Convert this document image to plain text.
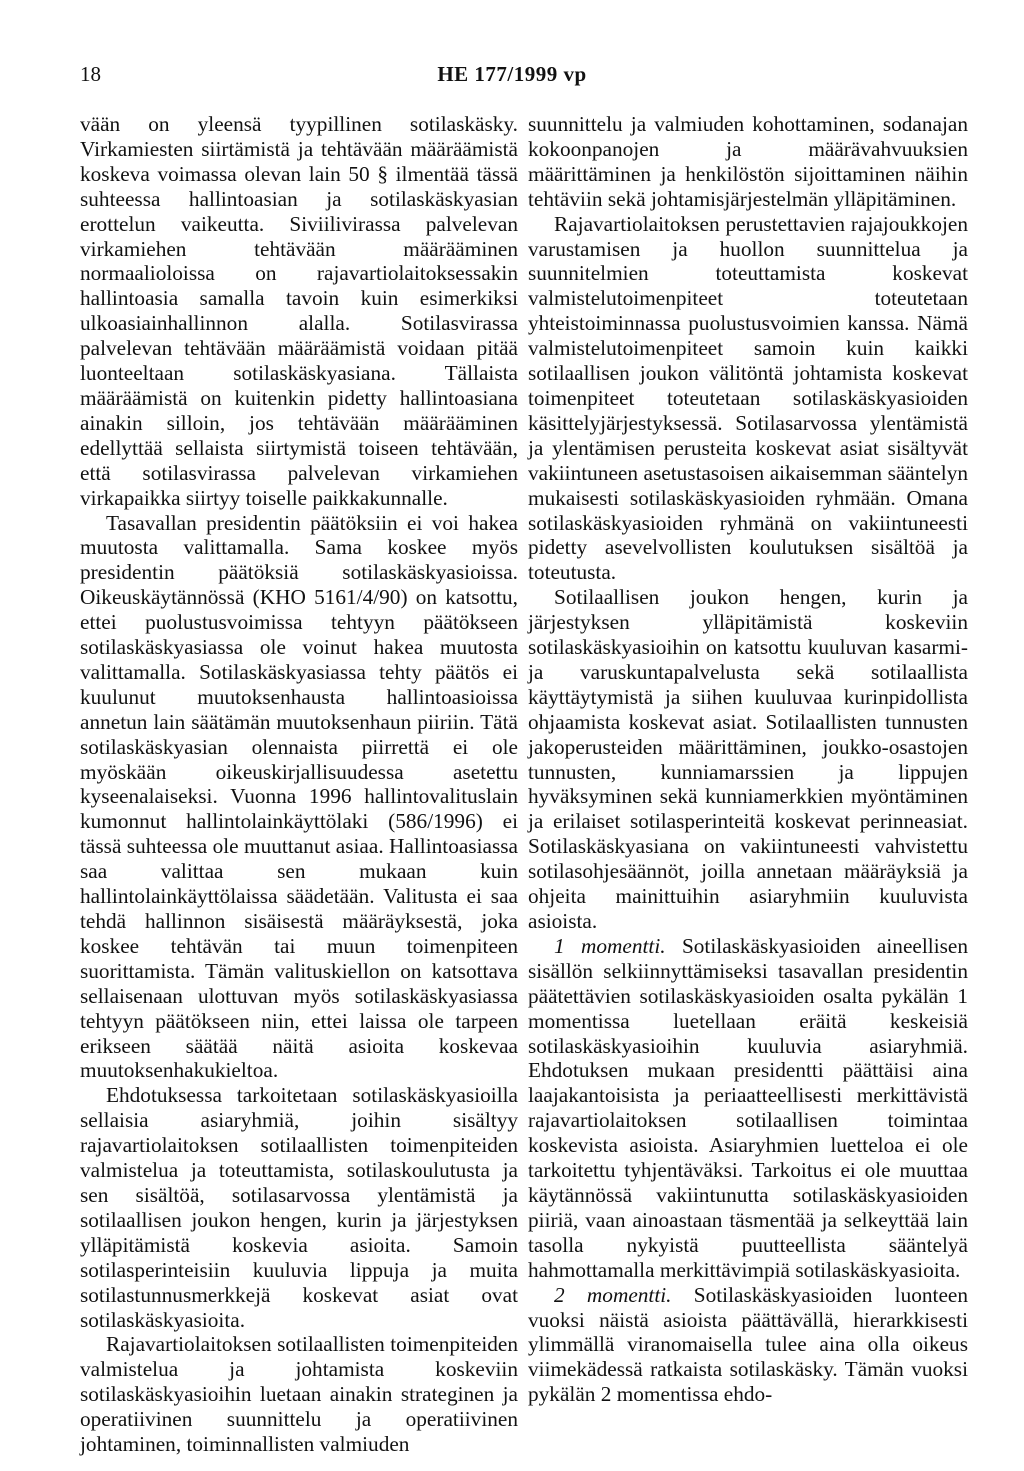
18	HE 177/1999 vp

vään on yleensä tyypillinen sotilaskäsky. Virkamiesten siirtämistä ja tehtävään määräämistä koskeva voimassa olevan lain 50 § ilmentää tässä suhteessa hallintoasian ja sotilaskäskyasian erottelun vaikeutta. Siviilivirassa palvelevan virkamiehen tehtävään määrääminen normaalioloissa on rajavartiolaitoksessakin hallintoasia samalla tavoin kuin esimerkiksi ulkoasiainhallinnon alalla. Sotilasvirassa palvelevan tehtävään määräämistä voidaan pitää luonteeltaan sotilaskäskyasiana. Tällaista määräämistä on kuitenkin pidetty hallintoasiana ainakin silloin, jos tehtävään määrääminen edellyttää sellaista siirtymistä toiseen tehtävään, että sotilasvirassa palvelevan virkamiehen virkapaikka siirtyy toiselle paikkakunnalle.

Tasavallan presidentin päätöksiin ei voi hakea muutosta valittamalla. Sama koskee myös presidentin päätöksiä sotilaskäskyasioissa. Oikeuskäytännössä (KHO 5161/4/90) on katsottu, ettei puolustusvoimissa tehtyyn päätökseen sotilaskäskyasiassa ole voinut hakea muutosta valittamalla. Sotilaskäskyasiassa tehty päätös ei kuulunut muutoksenhausta hallintoasioissa annetun lain säätämän muutoksenhaun piiriin. Tätä sotilaskäskyasian olennaista piirrettä ei ole myöskään oikeuskirjallisuudessa asetettu kyseenalaiseksi. Vuonna 1996 hallintovalituslain kumonnut hallintolainkäyttölaki (586/1996) ei tässä suhteessa ole muuttanut asiaa. Hallintoasiassa saa valittaa sen mukaan kuin hallintolainkäyttölaissa säädetään. Valitusta ei saa tehdä hallinnon sisäisestä määräyksestä, joka koskee tehtävän tai muun toimenpiteen suorittamista. Tämän valituskiellon on katsottava sellaisenaan ulottuvan myös sotilaskäskyasiassa tehtyyn päätökseen niin, ettei laissa ole tarpeen erikseen säätää näitä asioita koskevaa muutoksenhakukieltoa.

Ehdotuksessa tarkoitetaan sotilaskäskyasioilla sellaisia asiaryhmiä, joihin sisältyy rajavartiolaitoksen sotilaallisten toimenpiteiden valmistelua ja toteuttamista, sotilaskoulutusta ja sen sisältöä, sotilasarvossa ylentämistä ja sotilaallisen joukon hengen, kurin ja järjestyksen ylläpitämistä koskevia asioita. Samoin sotilasperinteisiin kuuluvia lippuja ja muita sotilastunnusmerkkejä koskevat asiat ovat sotilaskäskyasioita.

Rajavartiolaitoksen sotilaallisten toimenpiteiden valmistelua ja johtamista koskeviin sotilaskäskyasioihin luetaan ainakin strateginen ja operatiivinen suunnittelu ja operatiivinen johtaminen, toiminnallisten valmiuden

suunnittelu ja valmiuden kohottaminen, sodanajan kokoonpanojen ja määrävahvuuksien määrittäminen ja henkilöstön sijoittaminen näihin tehtäviin sekä johtamisjärjestelmän ylläpitäminen.

Rajavartiolaitoksen perustettavien rajajoukkojen varustamisen ja huollon suunnittelua ja suunnitelmien toteuttamista koskevat valmistelutoimenpiteet toteutetaan yhteistoiminnassa puolustusvoimien kanssa. Nämä valmistelutoimenpiteet samoin kuin kaikki sotilaallisen joukon välitöntä johtamista koskevat toimenpiteet toteutetaan sotilaskäskyasioiden käsittelyjärjestyksessä. Sotilasarvossa ylentämistä ja ylentämisen perusteita koskevat asiat sisältyvät vakiintuneen asetustasoisen aikaisemman sääntelyn mukaisesti sotilaskäskyasioiden ryhmään. Omana sotilaskäskyasioiden ryhmänä on vakiintuneesti pidetty asevelvollisten koulutuksen sisältöä ja toteutusta.

Sotilaallisen joukon hengen, kurin ja järjestyksen ylläpitämistä koskeviin sotilaskäskyasioihin on katsottu kuuluvan kasarmi- ja varuskuntapalvelusta sekä sotilaallista käyttäytymistä ja siihen kuuluvaa kurinpidollista ohjaamista koskevat asiat. Sotilaallisten tunnusten jakoperusteiden määrittäminen, joukko-osastojen tunnusten, kunniamarssien ja lippujen hyväksyminen sekä kunniamerkkien myöntäminen ja erilaiset sotilasperinteitä koskevat perinneasiat. Sotilaskäskyasiana on vakiintuneesti vahvistettu sotilasohjesäännöt, joilla annetaan määräyksiä ja ohjeita mainittuihin asiaryhmiin kuuluvista asioista.

1 momentti. Sotilaskäskyasioiden aineellisen sisällön selkiinnyttämiseksi tasavallan presidentin päätettävien sotilaskäskyasioiden osalta pykälän 1 momentissa luetellaan eräitä keskeisiä sotilaskäskyasioihin kuuluvia asiaryhmiä. Ehdotuksen mukaan presidentti päättäisi aina laajakantoisista ja periaatteellisesti merkittävistä rajavartiolaitoksen sotilaallisen toimintaa koskevista asioista. Asiaryhmien luetteloa ei ole tarkoitettu tyhjentäväksi. Tarkoitus ei ole muuttaa käytännössä vakiintunutta sotilaskäskyasioiden piiriä, vaan ainoastaan täsmentää ja selkeyttää lain tasolla nykyistä puutteellista sääntelyä hahmottamalla merkittävimpiä sotilaskäskyasioita.

2 momentti. Sotilaskäskyasioiden luonteen vuoksi näistä asioista päättävällä, hierarkkisesti ylimmällä viranomaisella tulee aina olla oikeus viimekädessä ratkaista sotilaskäsky. Tämän vuoksi pykälän 2 momentissa ehdo-
